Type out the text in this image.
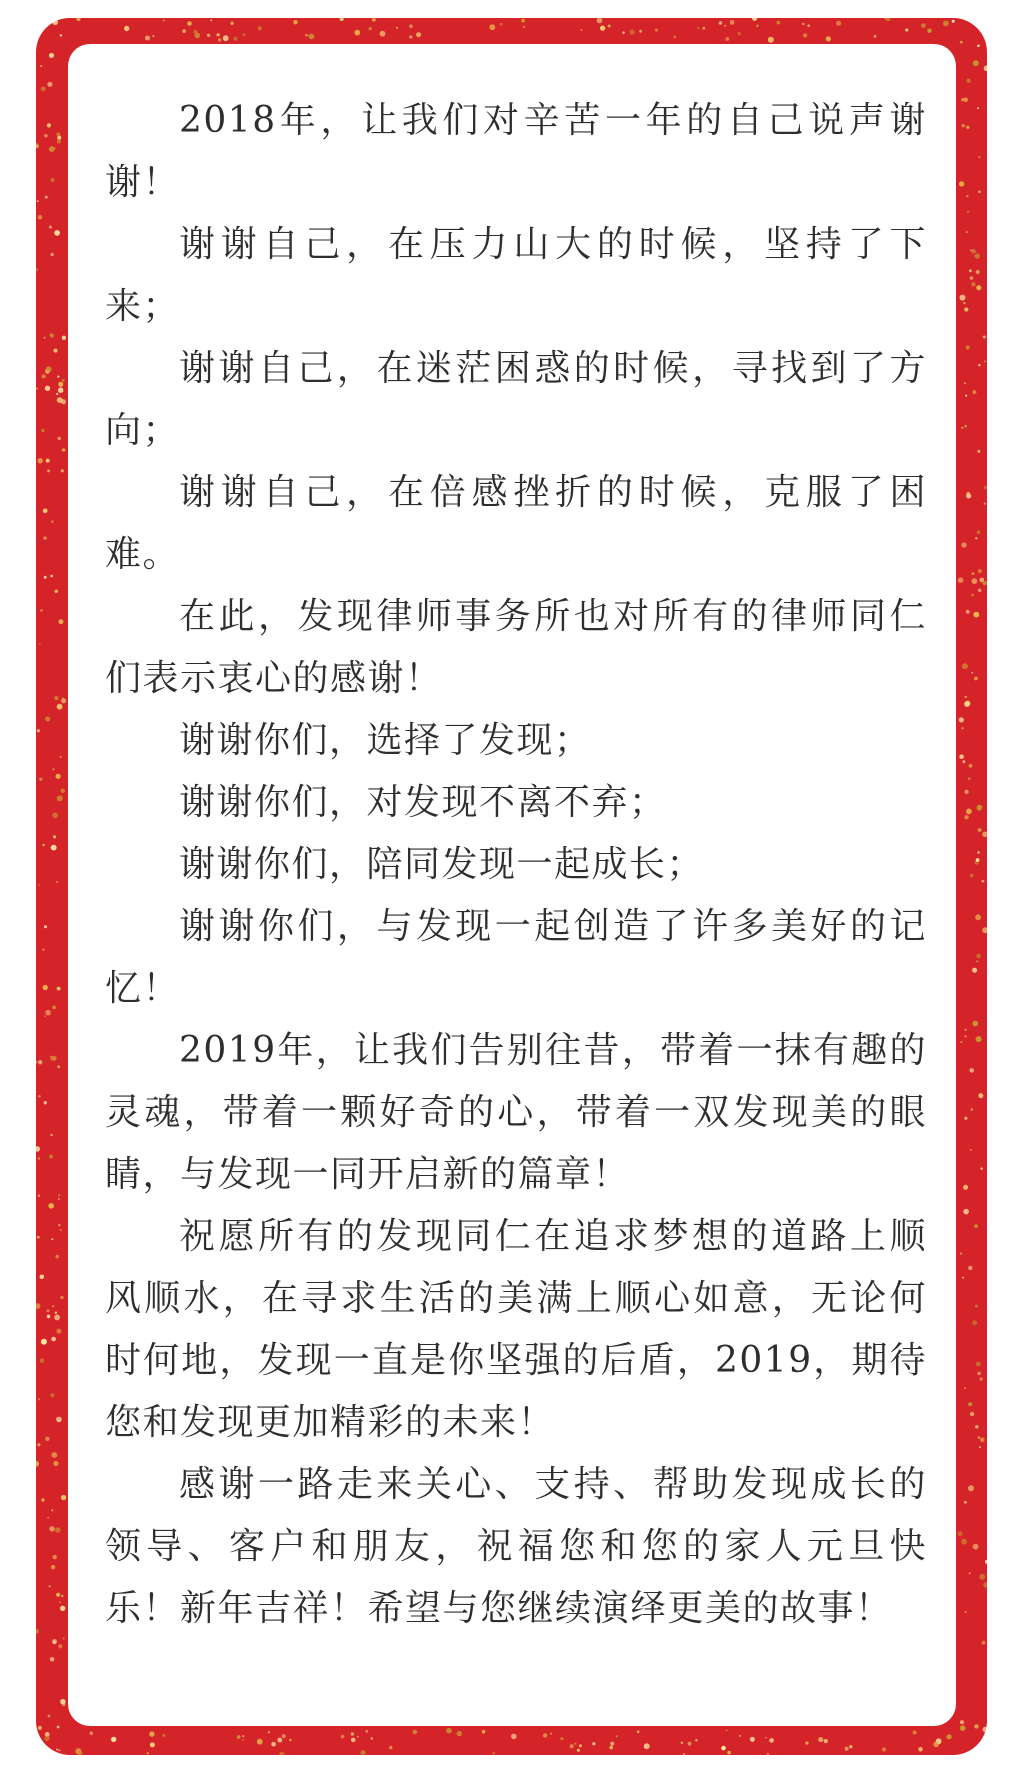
2018年，让我们对辛苦一年的自己说声谢谢！

谢谢自己，在压力山大的时候，坚持了下来；

谢谢自己，在迷茫困惑的时候，寻找到了方向；

谢谢自己，在倍感挫折的时候，克服了困难。

在此，发现律师事务所也对所有的律师同仁们表示衷心的感谢！

谢谢你们，选择了发现；

谢谢你们，对发现不离不弃；

谢谢你们，陪同发现一起成长；

谢谢你们，与发现一起创造了许多美好的记忆！

2019年，让我们告别往昔，带着一抹有趣的灵魂，带着一颗好奇的心，带着一双发现美的眼睛，与发现一同开启新的篇章！

祝愿所有的发现同仁在追求梦想的道路上顺风顺水，在寻求生活的美满上顺心如意，无论何时何地，发现一直是你坚强的后盾，2019，期待您和发现更加精彩的未来！

感谢一路走来关心、支持、帮助发现成长的领导、客户和朋友，祝福您和您的家人元旦快乐！新年吉祥！希望与您继续演绎更美的故事！
